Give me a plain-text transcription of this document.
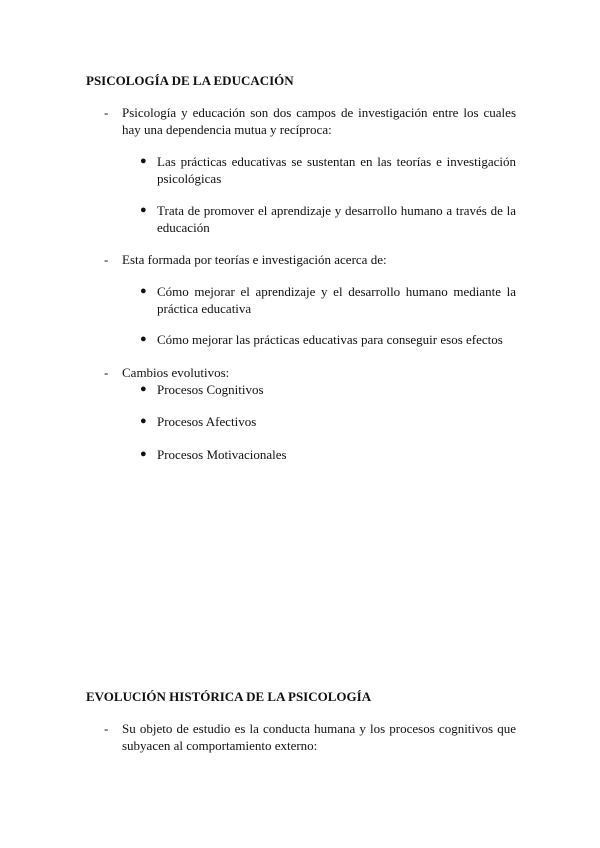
PSICOLOGÍA DE LA EDUCACIÓN
- Psicología y educación son dos campos de investigación entre los cuales hay una dependencia mutua y recíproca:
● Las prácticas educativas se sustentan en las teorías e investigación psicológicas
● Trata de promover el aprendizaje y desarrollo humano a través de la educación
- Esta formada por teorías e investigación acerca de:
● Cómo mejorar el aprendizaje y el desarrollo humano mediante la práctica educativa
● Cómo mejorar las prácticas educativas para conseguir esos efectos
- Cambios evolutivos:
● Procesos Cognitivos
● Procesos Afectivos
● Procesos Motivacionales
EVOLUCIÓN HISTÓRICA DE LA PSICOLOGÍA
- Su objeto de estudio es la conducta humana y los procesos cognitivos que subyacen al comportamiento externo:
